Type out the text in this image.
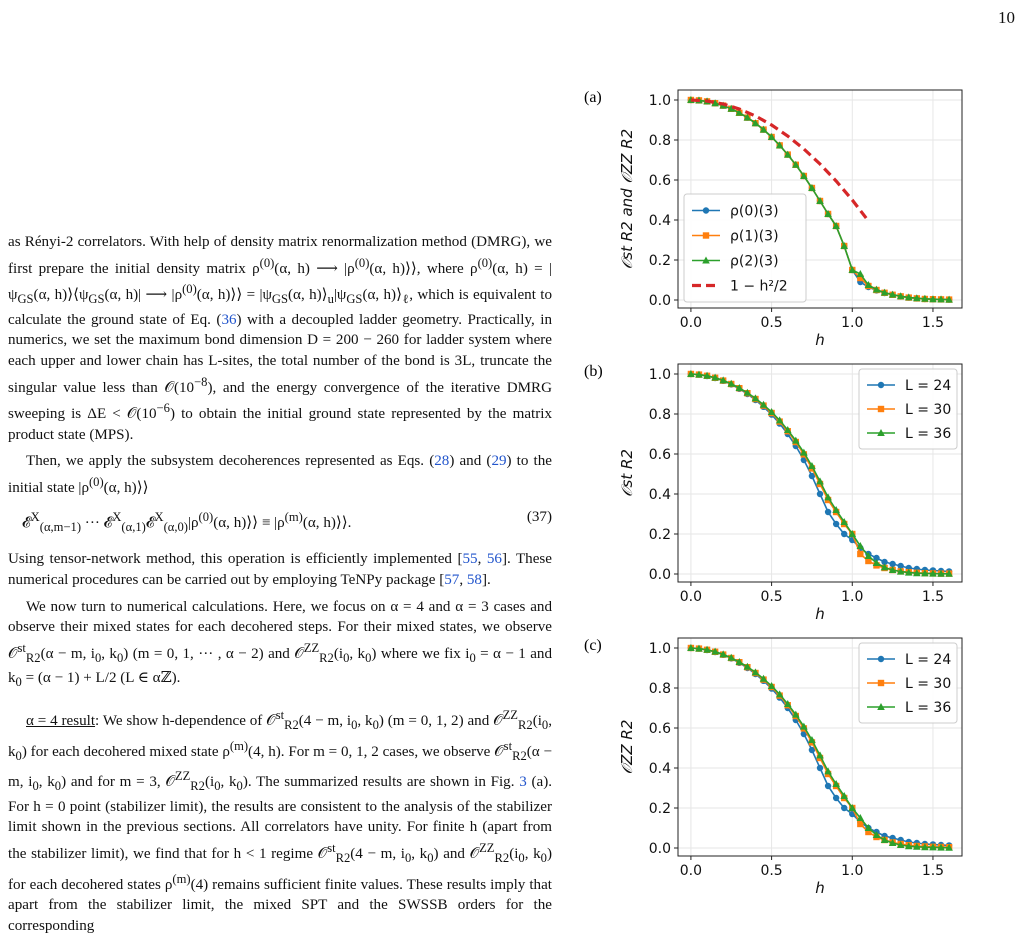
10

as Rényi-2 correlators. With help of density matrix renormalization method (DMRG), we first prepare the initial density matrix $\rho^{(0)}(\alpha$, h) ⟶ $|\rho^{(0)}(\alpha$, h)⟩⟩, where $\rho^{(0)}(\alpha$, $h) = |\psi_{GS}(\alpha$, $h)⟩⟨\psi_{GS}(\alpha$, h)| ⟶ $|\rho^{(0)}(\alpha$, h)⟩⟩ = $|\psi_{GS}(\alpha$, $h)⟩_u|\psi_{GS}(\alpha$, $h)⟩_\ell$, which is equivalent to calculate the ground state of Eq. (36) with a decoupled ladder geometry. Practically, in numerics, we set the maximum bond dimension D = 200 − 260 for ladder system where each upper and lower chain has L-sites, the total number of the bond is 3L, truncate the singular value less than $𝒪(10^{-8})$, and the energy convergence of the iterative DMRG sweeping is $\Delta E < 𝒪(10^{-6})$ to obtain the initial ground state represented by the matrix product state (MPS).

Then, we apply the subsystem decoherences represented as Eqs. (28) and (29) to the initial state $|\rho^{(0)}(\alpha$, h)⟩⟩

𝓔$^X_{(\alpha,m-1)}$ ··· $𝓔^X_{(\alpha,1)}𝓔^X_{(\alpha,0)}|\rho^{(0)}(\alpha$, h)⟩⟩ ≡ $|\rho^{(m)}(\alpha$, h)⟩⟩.	(37)

Using tensor-network method, this operation is efficiently implemented [55, 56]. These numerical procedures can be carried out by employing TeNPy package [57, 58].

We now turn to numerical calculations. Here, we focus on α = 4 and α = 3 cases and observe their mixed states for each decohered steps. For their mixed states, we observe 𝒪$^{st}_{R2}$(α − m, $i_0$, $k_0$) (m = 0, 1, ··· , α − 2) and $𝒪^{ZZ}_{R2}(i_0$, $k_0$) where we fix $i_0 = \alpha - 1$ and $k_0 = (\alpha - 1) + L/2$ (L ∈ αℤ).

α = 4 result: We show h-dependence of 𝒪$^{st}_{R2}$(4 − m, $i_0$, $k_0$) (m = 0, 1, 2) and $𝒪^{ZZ}_{R2}(i_0$, $k_0$) for each decohered mixed state $\rho^{(m)}(4$, h). For m = 0, 1, 2 cases, we observe 𝒪$^{st}_{R2}$(α − m, $i_0$, $k_0$) and for m = 3, $𝒪^{ZZ}_{R2}(i_0$, $k_0$). The summarized results are shown in Fig. 3 (a). For h = 0 point (stabilizer limit), the results are consistent to the analysis of the stabilizer limit shown in the previous sections. All correlators have unity. For finite h (apart from the stabilizer limit), we find that for h < 1 regime 𝒪$^{st}_{R2}$(4 − m, $i_0$, $k_0$) and $𝒪^{ZZ}_{R2}(i_0$, $k_0$) for each decohered states $\rho^{(m)}(4)$ remains sufficient finite values. These results imply that apart from the stabilizer limit, the mixed SPT and the SWSSB orders for the corresponding

(a)
0.0
0.2
0.4
0.6
0.8
1.0
0.0	0.5	1.0	1.5
h
𝒪st R2 and 𝒪ZZ R2	ρ(0)(3)
ρ(1)(3)
ρ(2)(3)
1 − h²/2
(b)
0.0
0.2
0.4
0.6
0.8
1.0
0.0	0.5	1.0	1.5
h
𝒪st R2
L = 24
L = 30
L = 36
(c)
0.0
0.2
0.4
0.6
0.8
1.0
0.0	0.5	1.0	1.5
h
𝒪ZZ R2
L = 24
L = 30
L = 36
